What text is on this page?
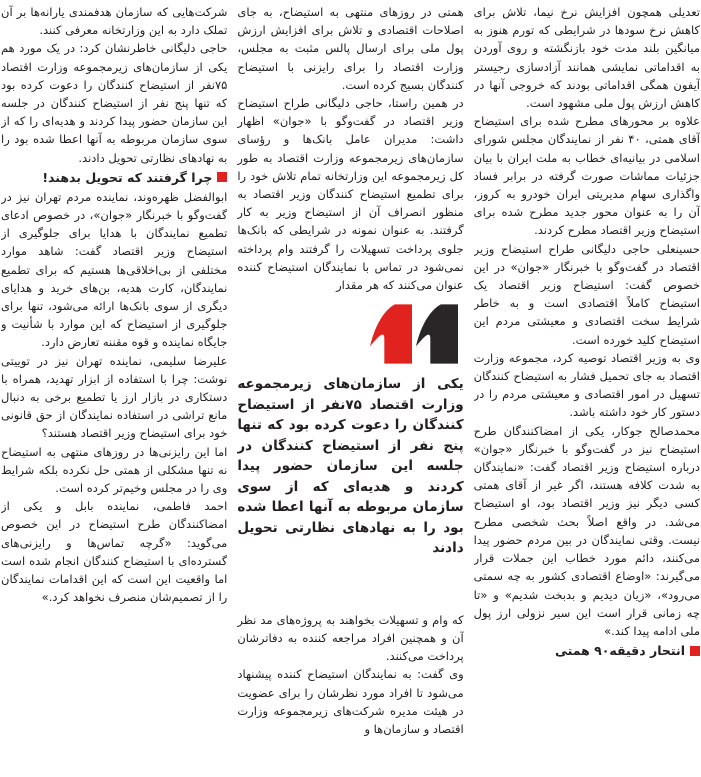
تعدیلی همچون افزایش نرخ نیما، تلاش برای کاهش نرخ سودها در شرایطی که تورم هنوز به میانگین بلند مدت خود بازنگشته و روی آوردن به اقداماتی نمایشی همانند آزادسازی رجیستر آیفون همگی اقداماتی بودند که خروجی آنها در کاهش ارزش پول ملی مشهود است.

علاوه بر محورهای مطرح شده برای استیضاح آقای همتی، ۴۰ نفر از نمایندگان مجلس شورای اسلامی در بیانیه‌ای خطاب به ملت ایران با بیان جزئیات مماشات صورت گرفته در برابر فساد واگذاری سهام مدیریتی ایران خودرو به کروز، آن را به عنوان محور جدید مطرح شده برای استیضاح وزیر اقتصاد مطرح کردند.

حسینعلی حاجی دلیگانی طراح استیضاح وزیر اقتصاد در گفت‌وگو با خبرنگار «جوان» در این خصوص گفت: استیضاح وزیر اقتصاد یک استیضاح کاملاً اقتصادی است و به خاطر شرایط سخت اقتصادی و معیشتی مردم این استیضاح کلید خورده است.

وی به وزیر اقتصاد توصیه کرد، مجموعه وزارت اقتصاد به جای تحمیل فشار به استیضاح کنندگان تسهیل در امور اقتصادی و معیشتی مردم را در دستور کار خود داشته باشد.

محمدصالح جوکار، یکی از امضاکنندگان طرح استیضاح نیز در گفت‌وگو با خبرنگار «جوان» درباره استیضاح وزیر اقتصاد گفت: «نمایندگان به شدت کلافه هستند، اگر غیر از آقای همتی کسی دیگر نیز وزیر اقتصاد بود، او استیضاح می‌شد. در واقع اصلاً بحث شخصی مطرح نیست. وقتی نمایندگان در بین مردم حضور پیدا می‌کنند، دائم مورد خطاب این جملات قرار می‌گیرند: «اوضاع اقتصادی کشور به چه سمتی می‌رود»، «زیان دیدیم و بدبخت شدیم» و «تا چه زمانی قرار است این سیر نزولی ارز پول ملی ادامه پیدا کند.»

انتحار دقیقه۹۰ همتی

همتی در روزهای منتهی به استیضاح، به جای اصلاحات اقتصادی و تلاش برای افزایش ارزش پول ملی برای ارسال پالس مثبت به مجلس، وزارت اقتصاد را برای رایزنی با استیضاح کنندگان بسیج کرده است.

در همین راستا، حاجی دلیگانی طراح استیضاح وزیر اقتصاد در گفت‌وگو با «جوان» اظهار داشت: مدیران عامل بانک‌ها و رؤسای سازمان‌های زیرمجموعه وزارت اقتصاد به طور کل زیرمجموعه این وزارتخانه تمام تلاش خود را برای تطمیع استیضاح کنندگان وزیر اقتصاد به منظور انصراف آن از استیضاح وزیر به کار گرفتند. به عنوان نمونه در شرایطی که بانک‌ها جلوی پرداخت تسهیلات را گرفتند وام پرداخته نمی‌شود در تماس با نمایندگان استیضاح کننده عنوان می‌کنند که هر مقدار

یکی از سازمان‌های زیرمجموعه وزارت اقتصاد ۷۵نفر از استیضاح کنندگان را دعوت کرده بود که تنها پنج نفر از استیضاح کنندگان در جلسه این سازمان حضور پیدا کردند و هدیه‌ای که از سوی سازمان مربوطه به آنها اعطا شده بود را به نهادهای نظارتی تحویل دادند

که وام و تسهیلات بخواهند به پروژه‌های مد نظر آن و همچنین افراد مراجعه کننده به دفاترشان پرداخت می‌کنند.

وی گفت: به نمایندگان استیضاح کننده پیشنهاد می‌شود تا افراد مورد نظرشان را برای عضویت در هیئت مدیره شرکت‌های زیرمجموعه وزارت اقتصاد و سازمان‌ها و

شرکت‌هایی که سازمان هدفمندی یارانه‌ها بر آن تملک دارد به این وزارتخانه معرفی کنند.

حاجی دلیگانی خاطرنشان کرد: در یک مورد هم یکی از سازمان‌های زیرمجموعه وزارت اقتصاد ۷۵نفر از استیضاح کنندگان را دعوت کرده بود که تنها پنج نفر از استیضاح کنندگان در جلسه این سازمان حضور پیدا کردند و هدیه‌ای را که از سوی سازمان مربوطه به آنها اعطا شده بود را به نهادهای نظارتی تحویل دادند.

چرا گرفتند که تحویل بدهند!

ابوالفضل ظهره‌وند، نماینده مردم تهران نیز در گفت‌وگو با خبرنگار «جوان»، در خصوص ادعای تطمیع نمایندگان با هدایا برای جلوگیری از استیضاح وزیر اقتصاد گفت: شاهد موارد مختلفی از بی‌اخلاقی‌ها هستیم که برای تطمیع نمایندگان، کارت هدیه، بن‌های خرید و هدایای دیگری از سوی بانک‌ها ارائه می‌شود، تنها برای جلوگیری از استیضاح که این موارد با شأنیت و جایگاه نماینده و قوه مقننه تعارض دارد.

علیرضا سلیمی، نماینده تهران نیز در توییتی نوشت: چرا با استفاده از ابزار تهدید، همراه با دستکاری در بازار ارز یا تطمیع برخی به دنبال مانع تراشی در استفاده نمایندگان از حق قانونی خود برای استیضاح وزیر اقتصاد هستند؟

اما این رایزنی‌ها در روزهای منتهی به استیضاح نه تنها مشکلی از همتی حل نکرده بلکه شرایط وی را در مجلس وخیم‌تر کرده است.

احمد فاطمی، نماینده بابل و یکی از امضاکنندگان طرح استیضاح در این خصوص می‌گوید: «گرچه تماس‌ها و رایزنی‌های گسترده‌ای با استیضاح کنندگان انجام شده است اما واقعیت این است که این اقدامات نمایندگان را از تصمیم‌شان منصرف نخواهد کرد.»
